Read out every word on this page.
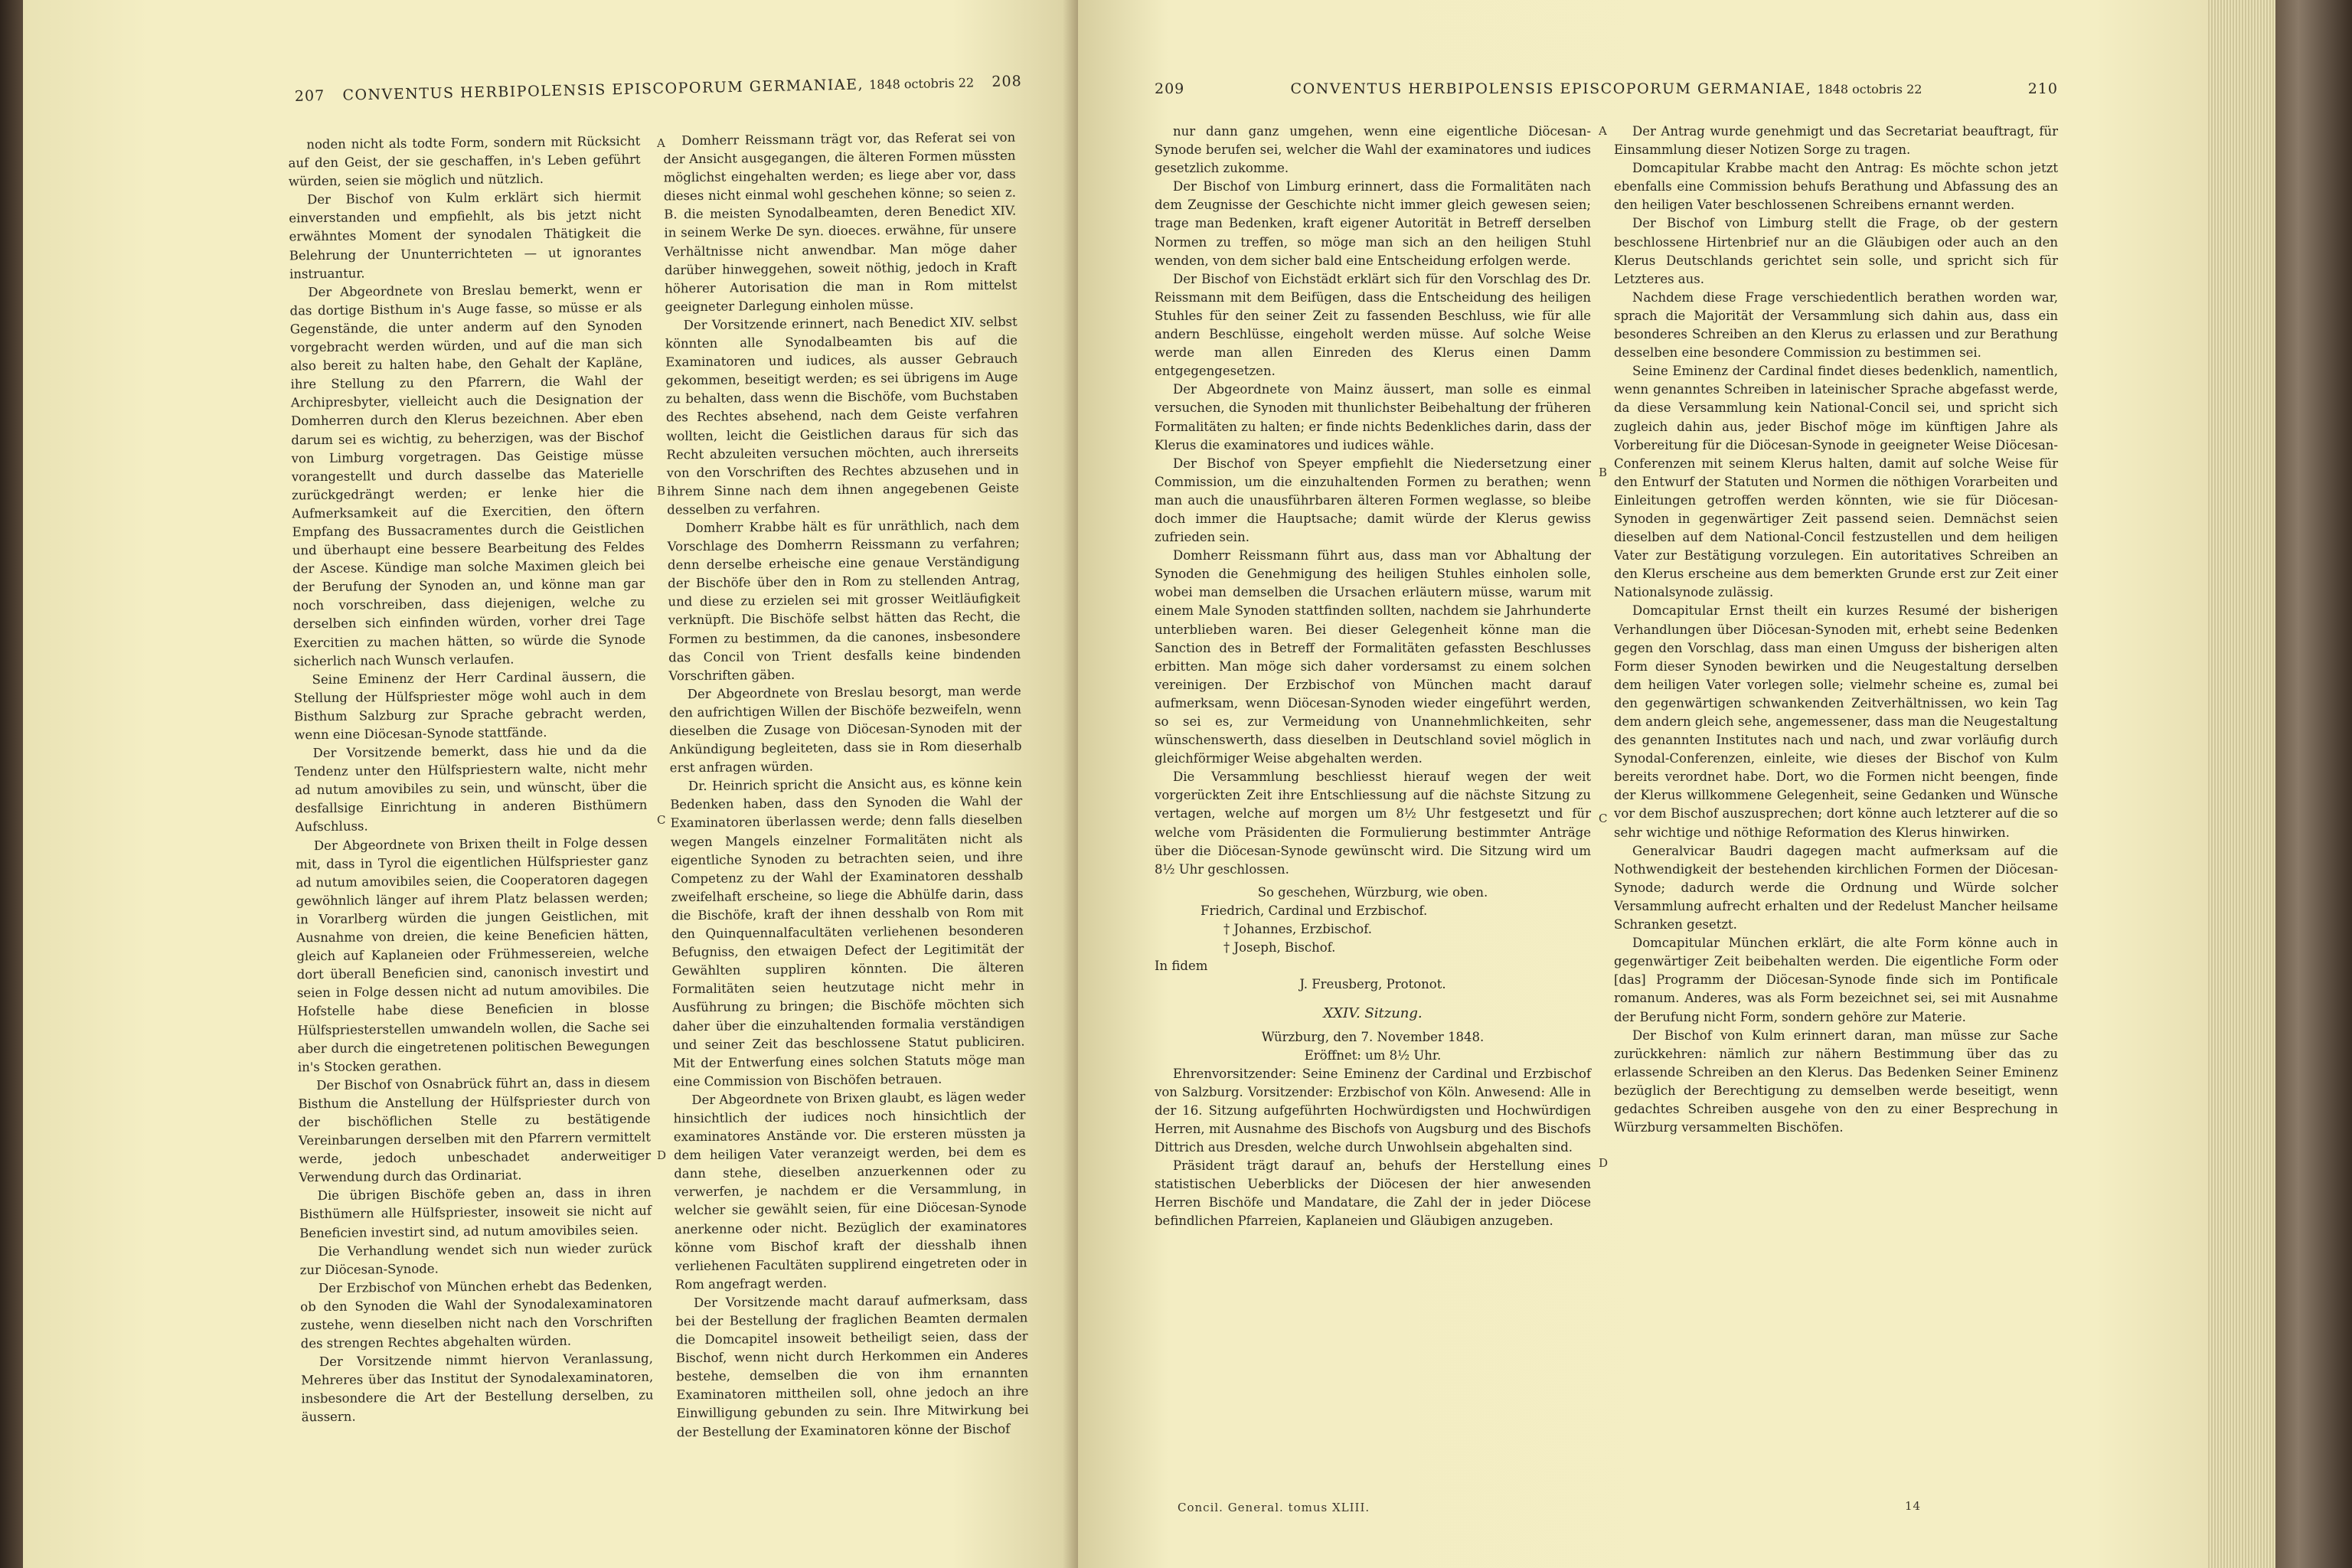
207 CONVENTUS HERBIPOLENSIS EPISCOPORUM GERMANIAE, 1848 octobris 22 208

noden nicht als todte Form, sondern mit Rücksicht auf den Geist, der sie geschaffen, in's Leben geführt würden, seien sie möglich und nützlich.

Der Bischof von Kulm erklärt sich hiermit einverstanden und empfiehlt, als bis jetzt nicht erwähntes Moment der synodalen Thätigkeit die Belehrung der Ununterrichteten — ut ignorantes instruantur.

Der Abgeordnete von Breslau bemerkt, wenn er das dortige Bisthum in's Auge fasse, so müsse er als Gegenstände, die unter anderm auf den Synoden vorgebracht werden würden, und auf die man sich also bereit zu halten habe, den Gehalt der Kapläne, ihre Stellung zu den Pfarrern, die Wahl der Archipresbyter, vielleicht auch die Designation der Domherren durch den Klerus bezeichnen. Aber eben darum sei es wichtig, zu beherzigen, was der Bischof von Limburg vorgetragen. Das Geistige müsse vorangestellt und durch dasselbe das Materielle zurückgedrängt werden; er lenke hier die Aufmerksamkeit auf die Exercitien, den öftern Empfang des Bussacramentes durch die Geistlichen und überhaupt eine bessere Bearbeitung des Feldes der Ascese. Kündige man solche Maximen gleich bei der Berufung der Synoden an, und könne man gar noch vorschreiben, dass diejenigen, welche zu derselben sich einfinden würden, vorher drei Tage Exercitien zu machen hätten, so würde die Synode sicherlich nach Wunsch verlaufen.

Seine Eminenz der Herr Cardinal äussern, die Stellung der Hülfspriester möge wohl auch in dem Bisthum Salzburg zur Sprache gebracht werden, wenn eine Diöcesan-Synode stattfände.

Der Vorsitzende bemerkt, dass hie und da die Tendenz unter den Hülfspriestern walte, nicht mehr ad nutum amovibiles zu sein, und wünscht, über die desfallsige Einrichtung in anderen Bisthümern Aufschluss.

Der Abgeordnete von Brixen theilt in Folge dessen mit, dass in Tyrol die eigentlichen Hülfspriester ganz ad nutum amovibiles seien, die Cooperatoren dagegen gewöhnlich länger auf ihrem Platz belassen werden; in Vorarlberg würden die jungen Geistlichen, mit Ausnahme von dreien, die keine Beneficien hätten, gleich auf Kaplaneien oder Frühmessereien, welche dort überall Beneficien sind, canonisch investirt und seien in Folge dessen nicht ad nutum amovibiles. Die Hofstelle habe diese Beneficien in blosse Hülfspriesterstellen umwandeln wollen, die Sache sei aber durch die eingetretenen politischen Bewegungen in's Stocken gerathen.

Der Bischof von Osnabrück führt an, dass in diesem Bisthum die Anstellung der Hülfspriester durch von der bischöflichen Stelle zu bestätigende Vereinbarungen derselben mit den Pfarrern vermittelt werde, jedoch unbeschadet anderweitiger Verwendung durch das Ordinariat.

Die übrigen Bischöfe geben an, dass in ihren Bisthümern alle Hülfspriester, insoweit sie nicht auf Beneficien investirt sind, ad nutum amovibiles seien.

Die Verhandlung wendet sich nun wieder zurück zur Diöcesan-Synode.

Der Erzbischof von München erhebt das Bedenken, ob den Synoden die Wahl der Synodalexaminatoren zustehe, wenn dieselben nicht nach den Vorschriften des strengen Rechtes abgehalten würden.

Der Vorsitzende nimmt hiervon Veranlassung, Mehreres über das Institut der Synodalexaminatoren, insbesondere die Art der Bestellung derselben, zu äussern.

Domherr Reissmann trägt vor, das Referat sei von der Ansicht ausgegangen, die älteren Formen müssten möglichst eingehalten werden; es liege aber vor, dass dieses nicht einmal wohl geschehen könne; so seien z. B. die meisten Synodalbeamten, deren Benedict XIV. in seinem Werke De syn. dioeces. erwähne, für unsere Verhältnisse nicht anwendbar. Man möge daher darüber hinweggehen, soweit nöthig, jedoch in Kraft höherer Autorisation die man in Rom mittelst geeigneter Darlegung einholen müsse.

Der Vorsitzende erinnert, nach Benedict XIV. selbst könnten alle Synodalbeamten bis auf die Examinatoren und iudices, als ausser Gebrauch gekommen, beseitigt werden; es sei übrigens im Auge zu behalten, dass wenn die Bischöfe, vom Buchstaben des Rechtes absehend, nach dem Geiste verfahren wollten, leicht die Geistlichen daraus für sich das Recht abzuleiten versuchen möchten, auch ihrerseits von den Vorschriften des Rechtes abzusehen und in ihrem Sinne nach dem ihnen angegebenen Geiste desselben zu verfahren.

Domherr Krabbe hält es für unräthlich, nach dem Vorschlage des Domherrn Reissmann zu verfahren; denn derselbe erheische eine genaue Verständigung der Bischöfe über den in Rom zu stellenden Antrag, und diese zu erzielen sei mit grosser Weitläufigkeit verknüpft. Die Bischöfe selbst hätten das Recht, die Formen zu bestimmen, da die canones, insbesondere das Concil von Trient desfalls keine bindenden Vorschriften gäben.

Der Abgeordnete von Breslau besorgt, man werde den aufrichtigen Willen der Bischöfe bezweifeln, wenn dieselben die Zusage von Diöcesan-Synoden mit der Ankündigung begleiteten, dass sie in Rom dieserhalb erst anfragen würden.

Dr. Heinrich spricht die Ansicht aus, es könne kein Bedenken haben, dass den Synoden die Wahl der Examinatoren überlassen werde; denn falls dieselben wegen Mangels einzelner Formalitäten nicht als eigentliche Synoden zu betrachten seien, und ihre Competenz zu der Wahl der Examinatoren desshalb zweifelhaft erscheine, so liege die Abhülfe darin, dass die Bischöfe, kraft der ihnen desshalb von Rom mit den Quinquennalfacultäten verliehenen besonderen Befugniss, den etwaigen Defect der Legitimität der Gewählten suppliren könnten. Die älteren Formalitäten seien heutzutage nicht mehr in Ausführung zu bringen; die Bischöfe möchten sich daher über die einzuhaltenden formalia verständigen und seiner Zeit das beschlossene Statut publiciren. Mit der Entwerfung eines solchen Statuts möge man eine Commission von Bischöfen betrauen.

Der Abgeordnete von Brixen glaubt, es lägen weder hinsichtlich der iudices noch hinsichtlich der examinatores Anstände vor. Die ersteren müssten ja dem heiligen Vater veranzeigt werden, bei dem es dann stehe, dieselben anzuerkennen oder zu verwerfen, je nachdem er die Versammlung, in welcher sie gewählt seien, für eine Diöcesan-Synode anerkenne oder nicht. Bezüglich der examinatores könne vom Bischof kraft der diesshalb ihnen verliehenen Facultäten supplirend eingetreten oder in Rom angefragt werden.

Der Vorsitzende macht darauf aufmerksam, dass bei der Bestellung der fraglichen Beamten dermalen die Domcapitel insoweit betheiligt seien, dass der Bischof, wenn nicht durch Herkommen ein Anderes bestehe, demselben die von ihm ernannten Examinatoren mittheilen soll, ohne jedoch an ihre Einwilligung gebunden zu sein. Ihre Mitwirkung bei der Bestellung der Examinatoren könne der Bischof

A
B
C
D
209	CONVENTUS HERBIPOLENSIS EPISCOPORUM GERMANIAE, 1848 octobris 22	210

nur dann ganz umgehen, wenn eine eigentliche Diöcesan-Synode berufen sei, welcher die Wahl der examinatores und iudices gesetzlich zukomme.

Der Bischof von Limburg erinnert, dass die Formalitäten nach dem Zeugnisse der Geschichte nicht immer gleich gewesen seien; trage man Bedenken, kraft eigener Autorität in Betreff derselben Normen zu treffen, so möge man sich an den heiligen Stuhl wenden, von dem sicher bald eine Entscheidung erfolgen werde.

Der Bischof von Eichstädt erklärt sich für den Vorschlag des Dr. Reissmann mit dem Beifügen, dass die Entscheidung des heiligen Stuhles für den seiner Zeit zu fassenden Beschluss, wie für alle andern Beschlüsse, eingeholt werden müsse. Auf solche Weise werde man allen Einreden des Klerus einen Damm entgegengesetzen.

Der Abgeordnete von Mainz äussert, man solle es einmal versuchen, die Synoden mit thunlichster Beibehaltung der früheren Formalitäten zu halten; er finde nichts Bedenkliches darin, dass der Klerus die examinatores und iudices wähle.

Der Bischof von Speyer empfiehlt die Niedersetzung einer Commission, um die einzuhaltenden Formen zu berathen; wenn man auch die unausführbaren älteren Formen weglasse, so bleibe doch immer die Hauptsache; damit würde der Klerus gewiss zufrieden sein.

Domherr Reissmann führt aus, dass man vor Abhaltung der Synoden die Genehmigung des heiligen Stuhles einholen solle, wobei man demselben die Ursachen erläutern müsse, warum mit einem Male Synoden stattfinden sollten, nachdem sie Jahrhunderte unterblieben waren. Bei dieser Gelegenheit könne man die Sanction des in Betreff der Formalitäten gefassten Beschlusses erbitten. Man möge sich daher vordersamst zu einem solchen vereinigen. Der Erzbischof von München macht darauf aufmerksam, wenn Diöcesan-Synoden wieder eingeführt werden, so sei es, zur Vermeidung von Unannehmlichkeiten, sehr wünschenswerth, dass dieselben in Deutschland soviel möglich in gleichförmiger Weise abgehalten werden.

Die Versammlung beschliesst hierauf wegen der weit vorgerückten Zeit ihre Entschliessung auf die nächste Sitzung zu vertagen, welche auf morgen um 8½ Uhr festgesetzt und für welche vom Präsidenten die Formulierung bestimmter Anträge über die Diöcesan-Synode gewünscht wird. Die Sitzung wird um 8½ Uhr geschlossen.

So geschehen, Würzburg, wie oben.

Friedrich, Cardinal und Erzbischof.

† Johannes, Erzbischof.

† Joseph, Bischof.

In fidem

J. Freusberg, Protonot.

XXIV. Sitzung.

Würzburg, den 7. November 1848.

Eröffnet: um 8½ Uhr.

Ehrenvorsitzender: Seine Eminenz der Cardinal und Erzbischof von Salzburg. Vorsitzender: Erzbischof von Köln. Anwesend: Alle in der 16. Sitzung aufgeführten Hochwürdigsten und Hochwürdigen Herren, mit Ausnahme des Bischofs von Augsburg und des Bischofs Dittrich aus Dresden, welche durch Unwohlsein abgehalten sind.

Präsident trägt darauf an, behufs der Herstellung eines statistischen Ueberblicks der Diöcesen der hier anwesenden Herren Bischöfe und Mandatare, die Zahl der in jeder Diöcese befindlichen Pfarreien, Kaplaneien und Gläubigen anzugeben.

Der Antrag wurde genehmigt und das Secretariat beauftragt, für Einsammlung dieser Notizen Sorge zu tragen.

Domcapitular Krabbe macht den Antrag: Es möchte schon jetzt ebenfalls eine Commission behufs Berathung und Abfassung des an den heiligen Vater beschlossenen Schreibens ernannt werden.

Der Bischof von Limburg stellt die Frage, ob der gestern beschlossene Hirtenbrief nur an die Gläubigen oder auch an den Klerus Deutschlands gerichtet sein solle, und spricht sich für Letzteres aus.

Nachdem diese Frage verschiedentlich berathen worden war, sprach die Majorität der Versammlung sich dahin aus, dass ein besonderes Schreiben an den Klerus zu erlassen und zur Berathung desselben eine besondere Commission zu bestimmen sei.

Seine Eminenz der Cardinal findet dieses bedenklich, namentlich, wenn genanntes Schreiben in lateinischer Sprache abgefasst werde, da diese Versammlung kein National-Concil sei, und spricht sich zugleich dahin aus, jeder Bischof möge im künftigen Jahre als Vorbereitung für die Diöcesan-Synode in geeigneter Weise Diöcesan-Conferenzen mit seinem Klerus halten, damit auf solche Weise für den Entwurf der Statuten und Normen die nöthigen Vorarbeiten und Einleitungen getroffen werden könnten, wie sie für Diöcesan-Synoden in gegenwärtiger Zeit passend seien. Demnächst seien dieselben auf dem National-Concil festzustellen und dem heiligen Vater zur Bestätigung vorzulegen. Ein autoritatives Schreiben an den Klerus erscheine aus dem bemerkten Grunde erst zur Zeit einer Nationalsynode zulässig.

Domcapitular Ernst theilt ein kurzes Resumé der bisherigen Verhandlungen über Diöcesan-Synoden mit, erhebt seine Bedenken gegen den Vorschlag, dass man einen Umguss der bisherigen alten Form dieser Synoden bewirken und die Neugestaltung derselben dem heiligen Vater vorlegen solle; vielmehr scheine es, zumal bei den gegenwärtigen schwankenden Zeitverhältnissen, wo kein Tag dem andern gleich sehe, angemessener, dass man die Neugestaltung des genannten Institutes nach und nach, und zwar vorläufig durch Synodal-Conferenzen, einleite, wie dieses der Bischof von Kulm bereits verordnet habe. Dort, wo die Formen nicht beengen, finde der Klerus willkommene Gelegenheit, seine Gedanken und Wünsche vor dem Bischof auszusprechen; dort könne auch letzterer auf die so sehr wichtige und nöthige Reformation des Klerus hinwirken.

Generalvicar Baudri dagegen macht aufmerksam auf die Nothwendigkeit der bestehenden kirchlichen Formen der Diöcesan-Synode; dadurch werde die Ordnung und Würde solcher Versammlung aufrecht erhalten und der Redelust Mancher heilsame Schranken gesetzt.

Domcapitular München erklärt, die alte Form könne auch in gegenwärtiger Zeit beibehalten werden. Die eigentliche Form oder [das] Programm der Diöcesan-Synode finde sich im Pontificale romanum. Anderes, was als Form bezeichnet sei, sei mit Ausnahme der Berufung nicht Form, sondern gehöre zur Materie.

Der Bischof von Kulm erinnert daran, man müsse zur Sache zurückkehren: nämlich zur nähern Bestimmung über das zu erlassende Schreiben an den Klerus. Das Bedenken Seiner Eminenz bezüglich der Berechtigung zu demselben werde beseitigt, wenn gedachtes Schreiben ausgehe von den zu einer Besprechung in Würzburg versammelten Bischöfen.

A
B
C
D
Concil. General. tomus XLIII.	14
